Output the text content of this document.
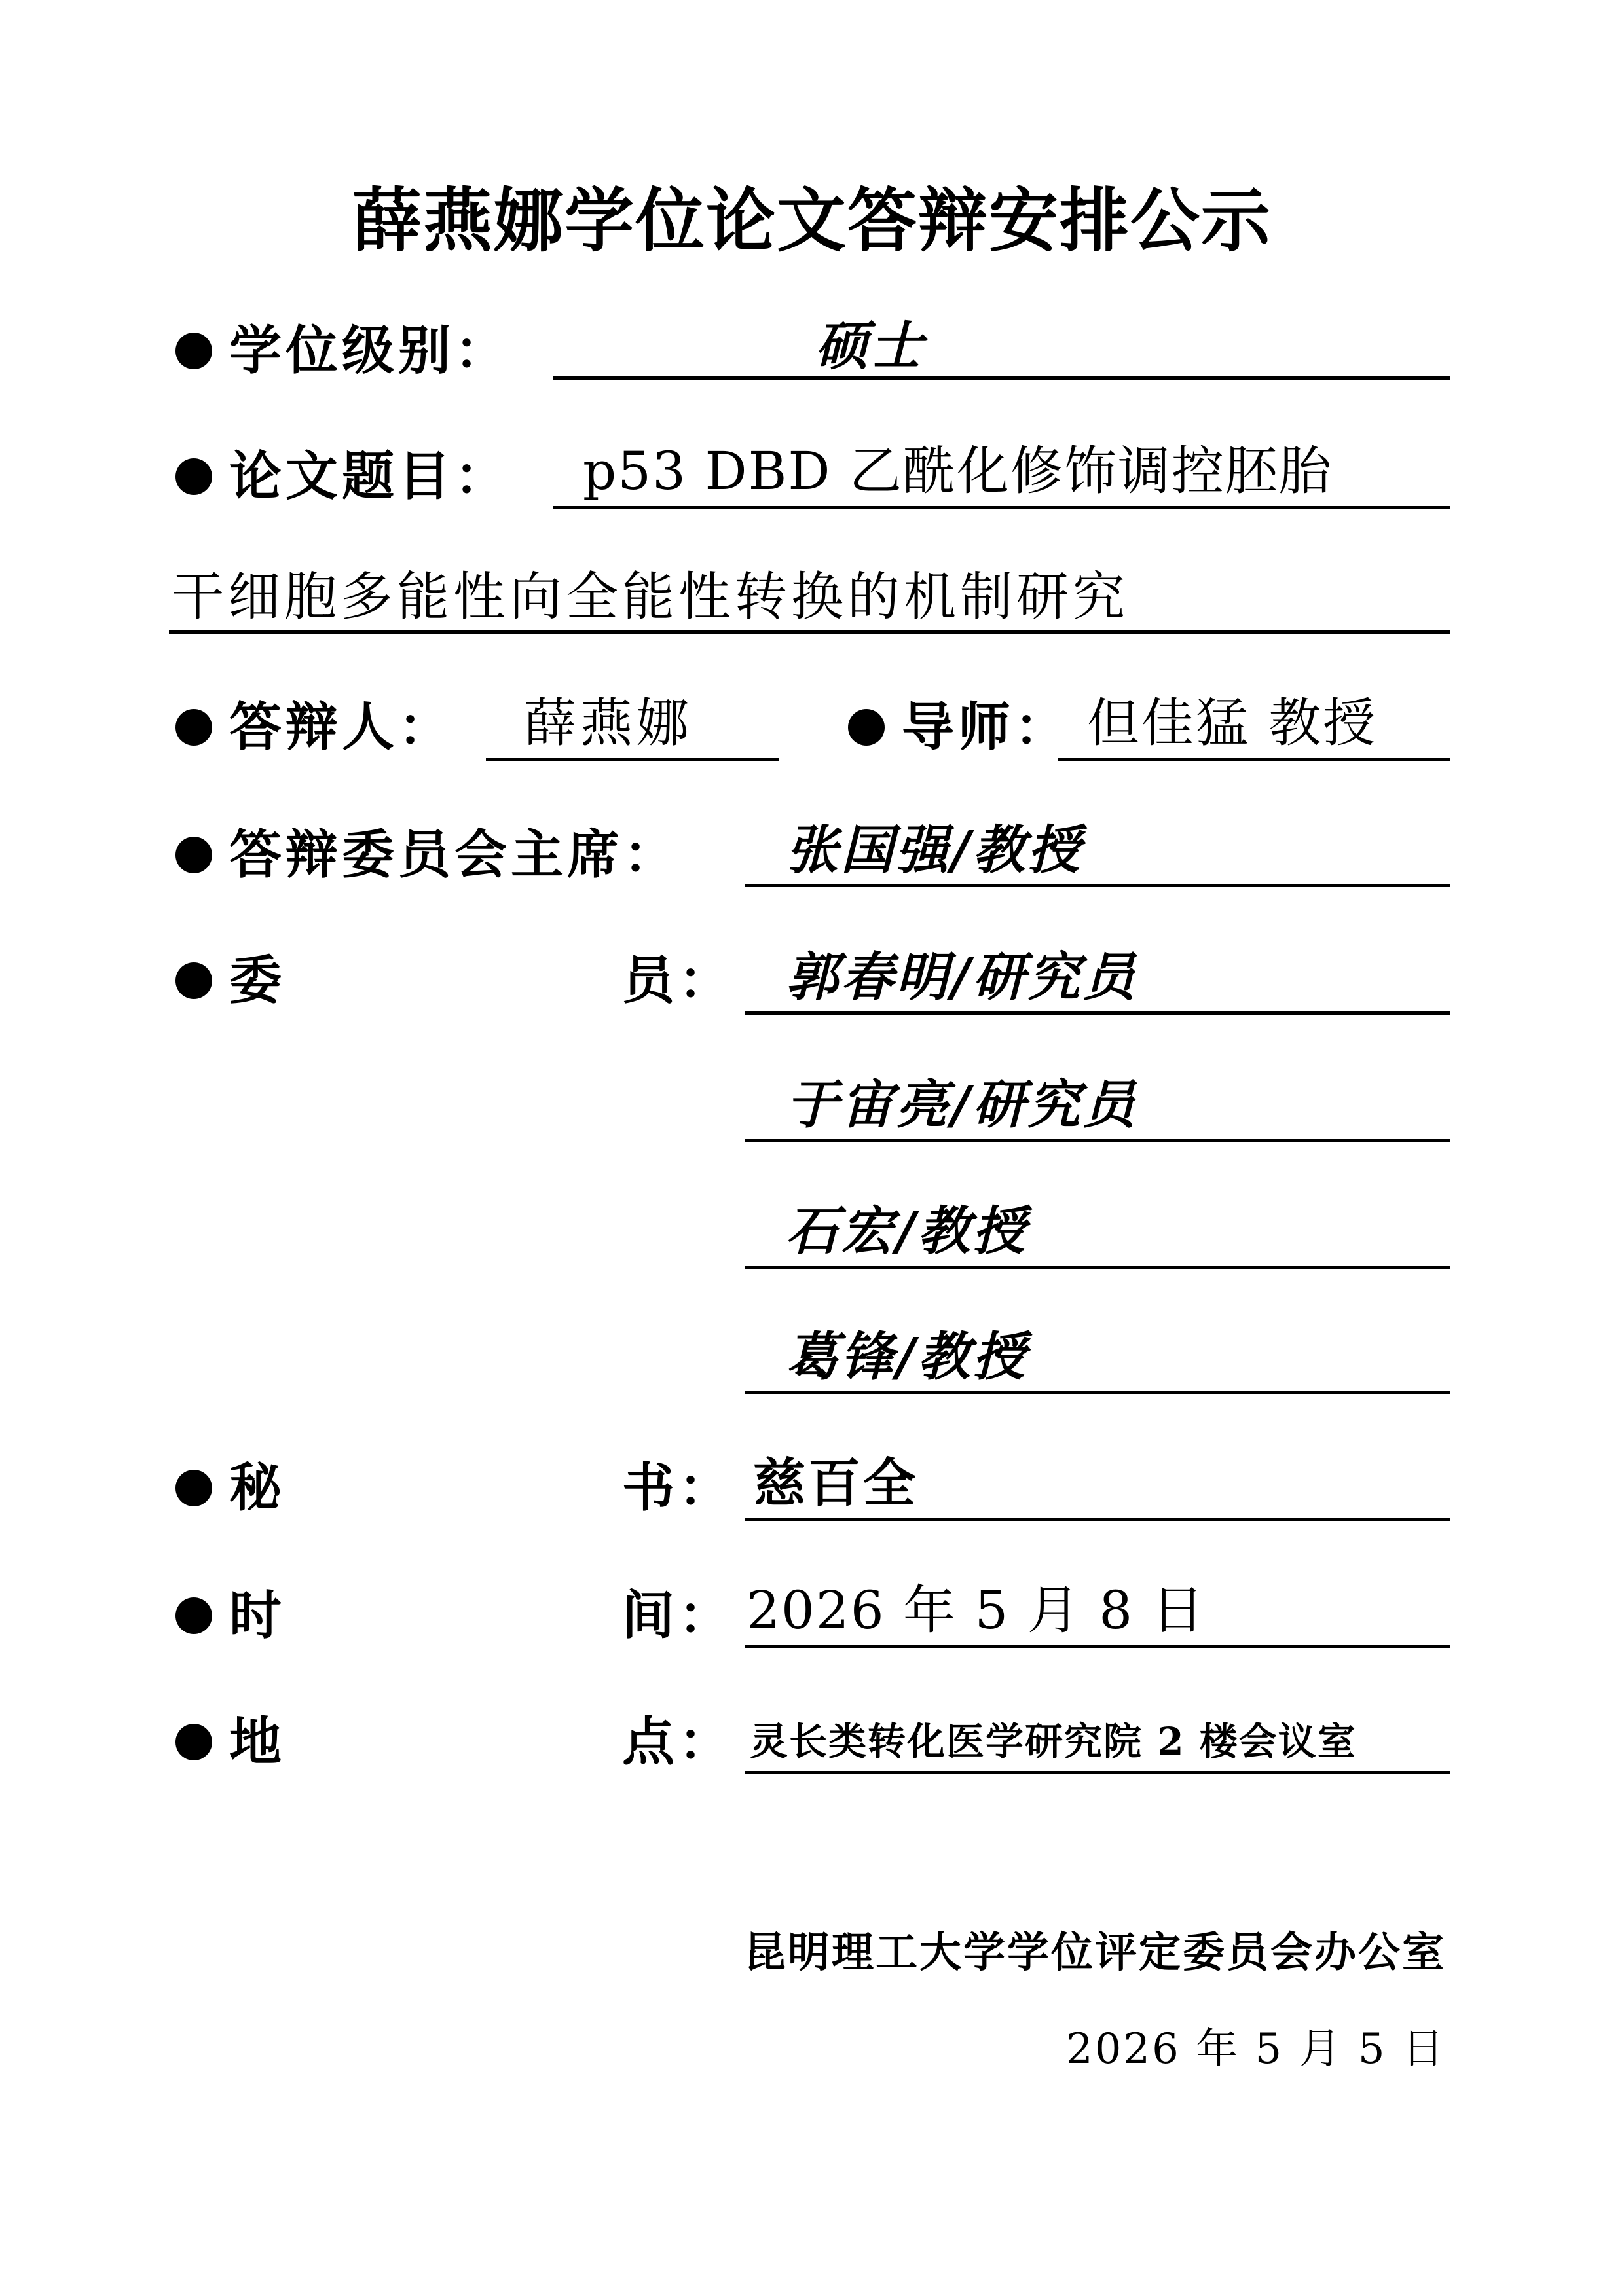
薛燕娜学位论文答辩安排公示
学位级别：	硕士
论文题目： p53 DBD 乙酰化修饰调控胚胎
干细胞多能性向全能性转换的机制研究
答辩人： 薛燕娜	导师： 但佳猛 教授
答辩委员会主席： 张国强/教授
委	员： 郭春明/研究员
于宙亮/研究员
石宏/教授
葛锋/教授
秘	书： 慈百全
时	间： 2026 年 5 月 8 日
地	点： 灵长类转化医学研究院 2 楼会议室
昆明理工大学学位评定委员会办公室
2026 年 5 月 5 日
